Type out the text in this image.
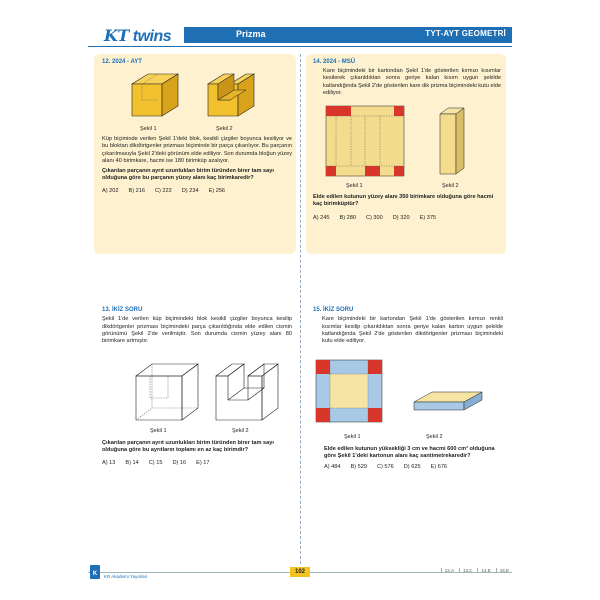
KT twins	Prizma	TYT-AYT GEOMETRİ
12. 2024 - AYT
Şekil 1	Şekil 2
Küp biçiminde verilen Şekil 1'deki blok, kesikli çizgiler boyunca kesiliyor ve bu bloktan dikdörtgenler prizması biçiminde bir parça çıkarılıyor. Bu parçanın çıkarılmasıyla Şekil 2'deki görünüm elde ediliyor. Son durumda bloğun yüzey alanı 40 birimkare, hacmi ise 180 birimküp azalıyor.
Çıkarılan parçanın ayrıt uzunlukları birim türünden birer tam sayı olduğuna göre bu parçanın yüzey alanı kaç birimkaredir?
A) 202 B) 216 C) 222 D) 234 E) 256
14. 2024 - MSÜ
Kare biçimindeki bir kartondan Şekil 1'de gösterilen kırmızı kısımlar kesilerek çıkarıldıktan sonra geriye kalan kısım uygun şekilde katlandığında Şekil 2'de gösterilen kare dik prizma biçimindeki kutu elde ediliyor.
Şekil 1	Şekil 2
Elde edilen kutunun yüzey alanı 350 birimkare olduğuna göre hacmi kaç birimküptür?
A) 245 B) 280 C) 300 D) 320 E) 375
13. İKİZ SORU
Şekil 1'de verilen küp biçimindeki blok kesikli çizgiler boyunca kesilip dikdörtgenler prizması biçimindeki parça çıkarıldığında elde edilen cismin görünümü Şekil 2'de verilmiştir. Son durumda cismin yüzey alanı 80 birimkare artmıştır.
Şekil 1	Şekil 2
Çıkarılan parçanın ayrıt uzunlukları birim türünden birer tam sayı olduğuna göre bu ayrıtların toplamı en az kaç birimdir?
A) 13 B) 14 C) 15 D) 16 E) 17
15. İKİZ SORU
Kare biçimindeki bir kartondan Şekil 1'de gösterilen kırmızı renkli kısımlar kesilip çıkarıldıktan sonra geriye kalan karton uygun şekilde katlandığında Şekil 2'de gösterilen dikdörtgenler prizması biçimindeki kutu elde ediliyor.
Şekil 1	Şekil 2
Elde edilen kutunun yüksekliği 3 cm ve hacmi 600 cm³ olduğuna göre Şekil 1'deki kartonun alanı kaç santimetrekaredir?
A) 484 B) 529 C) 576 D) 625 E) 676
K KR Akademi Yayınları
102	12.A	13.C	14.E	15.E
